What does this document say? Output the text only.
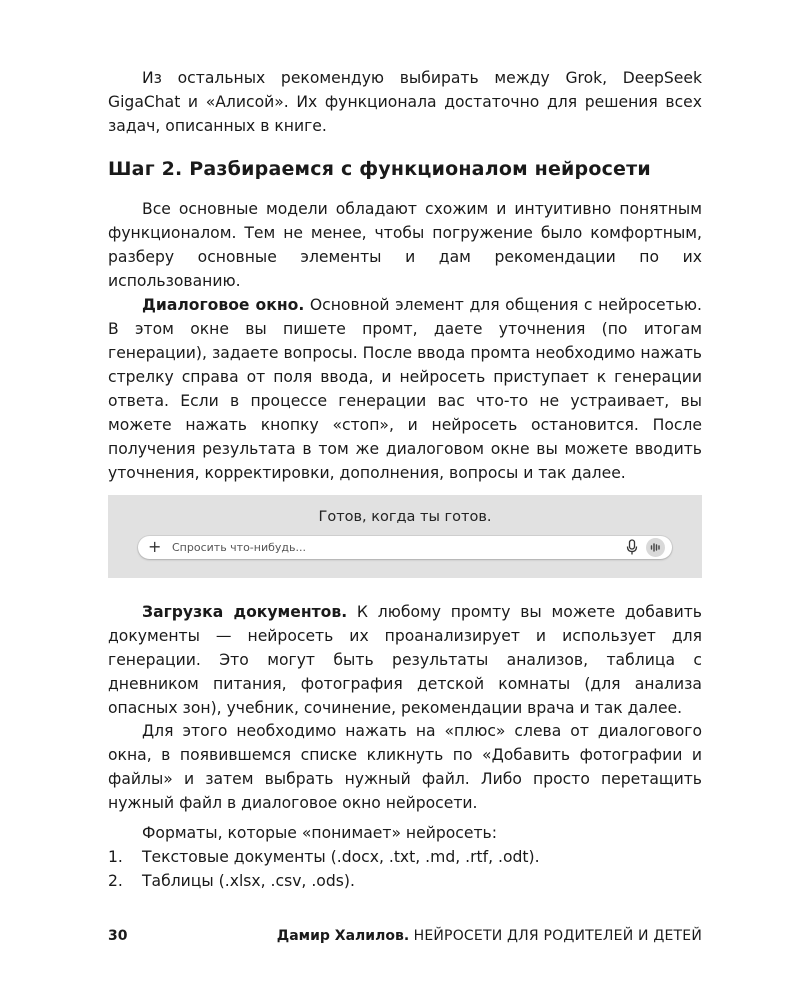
Из остальных рекомендую выбирать между Grok, DeepSeek GigaChat и «Алисой». Их функционала достаточно для решения всех задач, описанных в книге.

Шаг 2. Разбираемся с функционалом нейросети

Все основные модели обладают схожим и интуитивно понятным функционалом. Тем не менее, чтобы погружение было комфортным, разберу основные элементы и дам рекомендации по их использованию.

Диалоговое окно. Основной элемент для общения с нейросетью. В этом окне вы пишете промт, даете уточнения (по итогам генерации), задаете вопросы. После ввода промта необходимо нажать стрелку справа от поля ввода, и нейросеть приступает к генерации ответа. Если в процессе генерации вас что-то не устраивает, вы можете нажать кнопку «стоп», и нейросеть остановится. После получения результата в том же диалоговом окне вы можете вводить уточнения, корректировки, дополнения, вопросы и так далее.

Готов, когда ты готов.
+
Спросить что-нибудь...

Загрузка документов. К любому промту вы можете добавить документы — нейросеть их проанализирует и использует для генерации. Это могут быть результаты анализов, таблица с дневником питания, фотография детской комнаты (для анализа опасных зон), учебник, сочинение, рекомендации врача и так далее.

Для этого необходимо нажать на «плюс» слева от диалогового окна, в появившемся списке кликнуть по «Добавить фотографии и файлы» и затем выбрать нужный файл. Либо просто перетащить нужный файл в диалоговое окно нейросети.

Форматы, которые «понимает» нейросеть:

1. Текстовые документы (.docx, .txt, .md, .rtf, .odt).
2. Таблицы (.xlsx, .csv, .ods).
30	Дамир Халилов. НЕЙРОСЕТИ ДЛЯ РОДИТЕЛЕЙ И ДЕТЕЙ
